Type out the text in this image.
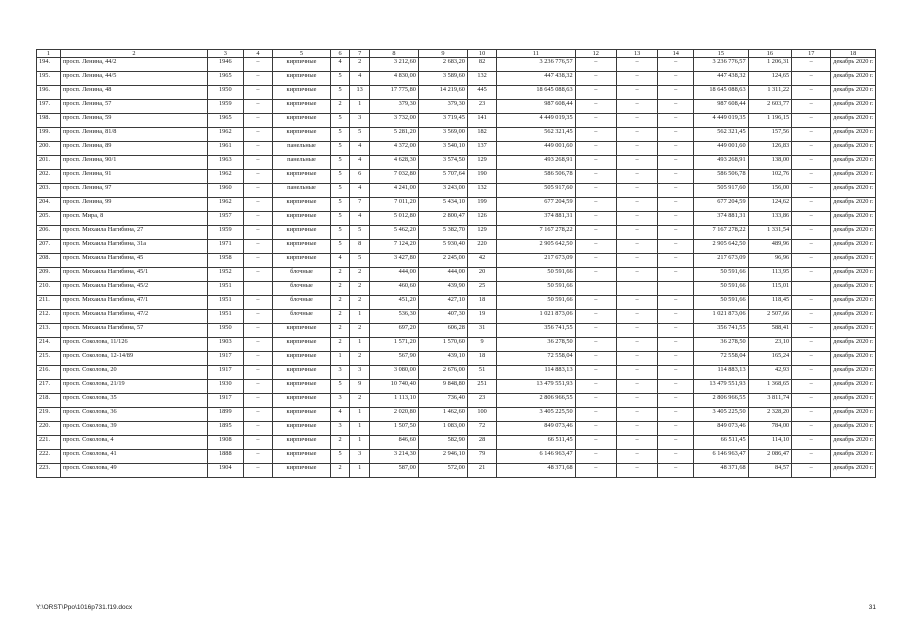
1	2	3	4	5	6	7	8	9	10	11	12	13	14	15	16	17	18
194.	просп. Ленина, 44/2	1946	–	кирпичные	4	2	3 212,60	2 683,20	82	3 236 776,57	–	–	–	3 236 776,57	1 206,31	–	декабрь 2020 г.
195.	просп. Ленина, 44/5	1965	–	кирпичные	5	4	4 830,00	3 589,60	132	447 438,32	–	–	–	447 438,32	124,65	–	декабрь 2020 г.
196.	просп. Ленина, 48	1950	–	кирпичные	5	13	17 775,80	14 219,60	445	18 645 088,63	–	–	–	18 645 088,63	1 311,22	–	декабрь 2020 г.
197.	просп. Ленина, 57	1959	–	кирпичные	2	1	379,30	379,30	23	987 608,44	–	–	–	987 608,44	2 603,77	–	декабрь 2020 г.
198.	просп. Ленина, 59	1965	–	кирпичные	5	3	3 732,00	3 719,45	141	4 449 019,35	–	–	–	4 449 019,35	1 196,15	–	декабрь 2020 г.
199.	просп. Ленина, 81/8	1962	–	кирпичные	5	5	5 281,20	3 569,00	182	562 321,45	–	–	–	562 321,45	157,56	–	декабрь 2020 г.
200.	просп. Ленина, 89	1961	–	панельные	5	4	4 372,00	3 540,10	137	449 001,60	–	–	–	449 001,60	126,83	–	декабрь 2020 г.
201.	просп. Ленина, 90/1	1963	–	панельные	5	4	4 628,30	3 574,50	129	493 268,91	–	–	–	493 268,91	138,00	–	декабрь 2020 г.
202.	просп. Ленина, 91	1962	–	кирпичные	5	6	7 032,80	5 707,64	190	586 506,78	–	–	–	586 506,78	102,76	–	декабрь 2020 г.
203.	просп. Ленина, 97	1960	–	панельные	5	4	4 241,00	3 243,00	132	505 917,60	–	–	–	505 917,60	156,00	–	декабрь 2020 г.
204.	просп. Ленина, 99	1962	–	кирпичные	5	7	7 011,20	5 434,10	199	677 204,59	–	–	–	677 204,59	124,62	–	декабрь 2020 г.
205.	просп. Мира, 8	1957	–	кирпичные	5	4	5 012,80	2 800,47	126	374 881,31	–	–	–	374 881,31	133,86	–	декабрь 2020 г.
206.	просп. Михаила Нагибина, 27	1959	–	кирпичные	5	5	5 462,20	5 382,70	129	7 167 278,22	–	–	–	7 167 278,22	1 331,54	–	декабрь 2020 г.
207.	просп. Михаила Нагибина, 31а	1971	–	кирпичные	5	8	7 124,20	5 930,40	220	2 905 642,50	–	–	–	2 905 642,50	489,96	–	декабрь 2020 г.
208.	просп. Михаила Нагибина, 45	1958	–	кирпичные	4	5	3 427,80	2 245,00	42	217 673,09	–	–	–	217 673,09	96,96	–	декабрь 2020 г.
209.	просп. Михаила Нагибина, 45/1	1952	–	блочные	2	2	444,00	444,00	20	50 591,66	–	–	–	50 591,66	113,95	–	декабрь 2020 г.
210.	просп. Михаила Нагибина, 45/2	1951		блочные	2	2	460,60	439,90	25	50 591,66				50 591,66	115,01		декабрь 2020 г.
211.	просп. Михаила Нагибина, 47/1	1951	–	блочные	2	2	451,20	427,10	18	50 591,66	–	–	–	50 591,66	118,45	–	декабрь 2020 г.
212.	просп. Михаила Нагибина, 47/2	1951	–	блочные	2	1	536,30	407,30	19	1 021 873,06	–	–	–	1 021 873,06	2 507,66	–	декабрь 2020 г.
213.	просп. Михаила Нагибина, 57	1950	–	кирпичные	2	2	697,20	606,28	31	356 741,55	–	–	–	356 741,55	588,41	–	декабрь 2020 г.
214.	просп. Соколова, 11/126	1903	–	кирпичные	2	1	1 571,20	1 570,60	9	36 278,50	–	–	–	36 278,50	23,10	–	декабрь 2020 г.
215.	просп. Соколова, 12-14/89	1917	–	кирпичные	1	2	567,90	439,10	18	72 558,04	–	–	–	72 558,04	165,24	–	декабрь 2020 г.
216.	просп. Соколова, 20	1917	–	кирпичные	3	3	3 080,00	2 676,00	51	114 883,13	–	–	–	114 883,13	42,93	–	декабрь 2020 г.
217.	просп. Соколова, 21/19	1930	–	кирпичные	5	9	10 740,40	9 848,80	251	13 479 551,93	–	–	–	13 479 551,93	1 368,65	–	декабрь 2020 г.
218.	просп. Соколова, 35	1917	–	кирпичные	3	2	1 113,10	736,40	23	2 806 966,55	–	–	–	2 806 966,55	3 811,74	–	декабрь 2020 г.
219.	просп. Соколова, 36	1899	–	кирпичные	4	1	2 020,80	1 462,60	100	3 405 225,50	–	–	–	3 405 225,50	2 328,20	–	декабрь 2020 г.
220.	просп. Соколова, 39	1895	–	кирпичные	3	1	1 507,50	1 083,00	72	849 073,46	–	–	–	849 073,46	784,00	–	декабрь 2020 г.
221.	просп. Соколова, 4	1908	–	кирпичные	2	1	846,60	582,90	28	66 511,45	–	–	–	66 511,45	114,10	–	декабрь 2020 г.
222.	просп. Соколова, 41	1888	–	кирпичные	5	3	3 214,30	2 946,10	79	6 146 963,47	–	–	–	6 146 963,47	2 086,47	–	декабрь 2020 г.
223.	просп. Соколова, 49	1904	–	кирпичные	2	1	587,00	572,00	21	48 371,68	–	–	–	48 371,68	84,57	–	декабрь 2020 г.
Y:\ORST\Ppo\1016p731.f19.docx	31
